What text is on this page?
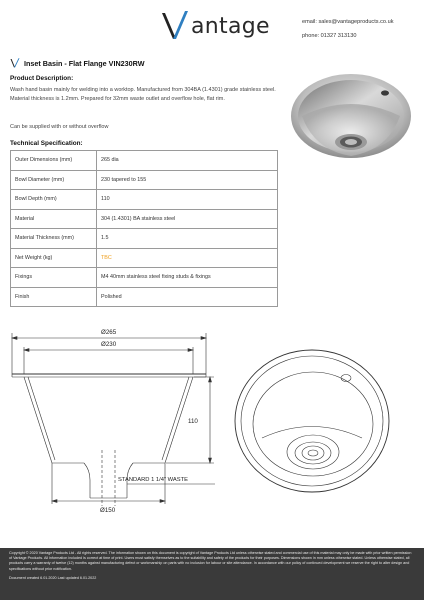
antage	email: sales@vantageproducts.co.uk
phone: 01327 313130
Inset Basin - Flat Flange VIN230RW
Product Description:
Wash hand basin mainly for welding into a worktop. Manufactured from 304BA (1.4301) grade stainless steel. Material thickness is 1.2mm. Prepared for 32mm waste outlet and overflow hole, flat rim.
Can be supplied with or without overflow
Technical Specification:
Outer Dimensions (mm)	265 dia
Bowl Diameter (mm)	230 tapered to 155
Bowl Depth (mm)	110
Material	304 (1.4301) BA stainless steel
Material Thickness (mm)	1.5
Net Weight (kg)	TBC
Fixings	M4 40mm stainless steel fixing studs & fixings
Finish	Polished
Ø265
Ø230
110
STANDARD 1 1/4" WASTE
Ø150
Copyright © 2020 Vantage Products Ltd - All rights reserved. The information shown on this document is copyright of Vantage Products Ltd unless otherwise stated and commercial use of this material may only be made with prior written permission of Vantage Products. All information included is correct at time of print. Users must satisfy themselves as to the suitability and safety of the products for their purposes. Dimensions shown in mm unless otherwise stated. Unless otherwise stated, all products carry a warranty of twelve (12) months against manufacturing defect or workmanship on parts with no inclusion for labour or site attendance. In accordance with our policy of continued development we reserve the right to alter design and specifications without prior notification.
Document created 6.01.2020 Last updated 6.01.2022
